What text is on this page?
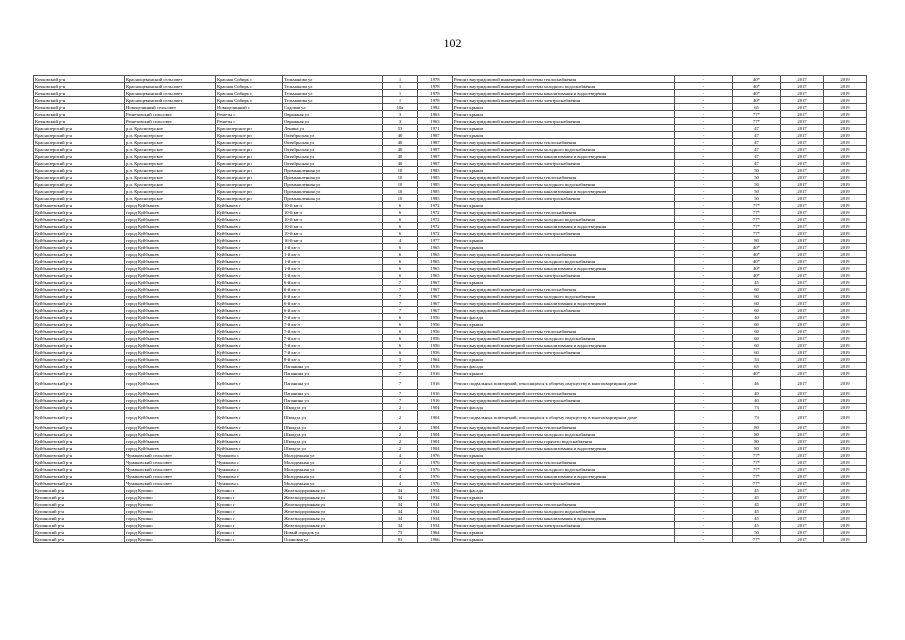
102
Кочковский р-н	Краснощекинский сельсовет	Красная Сибирь с	Тельманова ул	1	1978	Ремонт внутридомовой инженерной системы теплоснабжения	-	40*	2017	2019
Кочковский р-н	Краснощекинский сельсовет	Красная Сибирь с	Тельманова ул	1	1978	Ремонт внутридомовой инженерной системы холодного водоснабжения	-	40*	2017	2019
Кочковский р-н	Краснощекинский сельсовет	Красная Сибирь с	Тельманова ул	1	1978	Ремонт внутридомовой инженерной системы канализования и водоотведения	-	40*	2017	2019
Кочковский р-н	Краснощекинский сельсовет	Красная Сибирь с	Тельманова ул	1	1978	Ремонт внутридомовой инженерной системы электроснабжения	-	40*	2017	2019
Кочковский р-н	Новоцелинный сельсовет	Новоцелинный с	Садовая ул	10а	1982	Ремонт крыши	-	65	2017	2019
Кочковский р-н	Решетовский сельсовет	Решеты с	Овражная ул	3	1963	Ремонт крыши	-	77*	2017	2019
Кочковский р-н	Решетовский сельсовет	Решеты с	Овражная ул	3	1963	Ремонт внутридомовой инженерной системы электроснабжения	-	77*	2017	2019
Краснозерский р-н	р.п. Краснозерское	Краснозерское рп	Ленина ул	53	1971	Ремонт крыши	-	47	2017	2019
Краснозерский р-н	р.п. Краснозерское	Краснозерское рп	Октябрьская ул	40	1987	Ремонт крыши	-	47	2017	2019
Краснозерский р-н	р.п. Краснозерское	Краснозерское рп	Октябрьская ул	40	1987	Ремонт внутридомовой инженерной системы теплоснабжения	-	47	2017	2019
Краснозерский р-н	р.п. Краснозерское	Краснозерское рп	Октябрьская ул	40	1987	Ремонт внутридомовой инженерной системы холодного водоснабжения	-	47	2017	2019
Краснозерский р-н	р.п. Краснозерское	Краснозерское рп	Октябрьская ул	40	1987	Ремонт внутридомовой инженерной системы канализования и водоотведения	-	47	2017	2019
Краснозерский р-н	р.п. Краснозерское	Краснозерское рп	Октябрьская ул	40	1987	Ремонт внутридомовой инженерной системы электроснабжения	-	47	2017	2019
Краснозерский р-н	р.п. Краснозерское	Краснозерское рп	Промышленная ул	10	1985	Ремонт крыши	-	50	2017	2019
Краснозерский р-н	р.п. Краснозерское	Краснозерское рп	Промышленная ул	10	1985	Ремонт внутридомовой инженерной системы теплоснабжения	-	50	2017	2019
Краснозерский р-н	р.п. Краснозерское	Краснозерское рп	Промышленная ул	10	1985	Ремонт внутридомовой инженерной системы холодного водоснабжения	-	50	2017	2019
Краснозерский р-н	р.п. Краснозерское	Краснозерское рп	Промышленная ул	10	1985	Ремонт внутридомовой инженерной системы канализования и водоотведения	-	50	2017	2019
Краснозерский р-н	р.п. Краснозерское	Краснозерское рп	Промышленная ул	10	1985	Ремонт внутридомовой инженерной системы электроснабжения	-	50	2017	2019
Куйбышевский р-н	город Куйбышев	Куйбышев г	10-й кв-л	6	1972	Ремонт крыши	-	77*	2017	2019
Куйбышевский р-н	город Куйбышев	Куйбышев г	10-й кв-л	6	1972	Ремонт внутридомовой инженерной системы теплоснабжения	-	77*	2017	2019
Куйбышевский р-н	город Куйбышев	Куйбышев г	10-й кв-л	6	1972	Ремонт внутридомовой инженерной системы холодного водоснабжения	-	77*	2017	2019
Куйбышевский р-н	город Куйбышев	Куйбышев г	10-й кв-л	6	1972	Ремонт внутридомовой инженерной системы канализования и водоотведения	-	77*	2017	2019
Куйбышевский р-н	город Куйбышев	Куйбышев г	10-й кв-л	6	1972	Ремонт внутридомовой инженерной системы электроснабжения	-	77*	2017	2019
Куйбышевский р-н	город Куйбышев	Куйбышев г	16-й кв-л	4	1977	Ремонт крыши	-	80	2017	2019
Куйбышевский р-н	город Куйбышев	Куйбышев г	1-й кв-л	6	1965	Ремонт крыши	-	40*	2017	2019
Куйбышевский р-н	город Куйбышев	Куйбышев г	1-й кв-л	6	1965	Ремонт внутридомовой инженерной системы теплоснабжения	-	40*	2017	2019
Куйбышевский р-н	город Куйбышев	Куйбышев г	1-й кв-л	6	1965	Ремонт внутридомовой инженерной системы холодного водоснабжения	-	40*	2017	2019
Куйбышевский р-н	город Куйбышев	Куйбышев г	1-й кв-л	6	1965	Ремонт внутридомовой инженерной системы канализования и водоотведения	-	40*	2017	2019
Куйбышевский р-н	город Куйбышев	Куйбышев г	1-й кв-л	6	1965	Ремонт внутридомовой инженерной системы электроснабжения	-	40*	2017	2019
Куйбышевский р-н	город Куйбышев	Куйбышев г	6-й кв-л	7	1967	Ремонт крыши	-	45	2017	2019
Куйбышевский р-н	город Куйбышев	Куйбышев г	6-й кв-л	7	1967	Ремонт внутридомовой инженерной системы теплоснабжения	-	60	2017	2019
Куйбышевский р-н	город Куйбышев	Куйбышев г	6-й кв-л	7	1967	Ремонт внутридомовой инженерной системы холодного водоснабжения	-	60	2017	2019
Куйбышевский р-н	город Куйбышев	Куйбышев г	6-й кв-л	7	1967	Ремонт внутридомовой инженерной системы канализования и водоотведения	-	60	2017	2019
Куйбышевский р-н	город Куйбышев	Куйбышев г	6-й кв-л	7	1967	Ремонт внутридомовой инженерной системы электроснабжения	-	60	2017	2019
Куйбышевский р-н	город Куйбышев	Куйбышев г	7-й кв-л	6	1956	Ремонт фасада	-	40	2017	2019
Куйбышевский р-н	город Куйбышев	Куйбышев г	7-й кв-л	6	1956	Ремонт крыши	-	60	2017	2019
Куйбышевский р-н	город Куйбышев	Куйбышев г	7-й кв-л	6	1956	Ремонт внутридомовой инженерной системы теплоснабжения	-	60	2017	2019
Куйбышевский р-н	город Куйбышев	Куйбышев г	7-й кв-л	6	1956	Ремонт внутридомовой инженерной системы холодного водоснабжения	-	60	2017	2019
Куйбышевский р-н	город Куйбышев	Куйбышев г	7-й кв-л	6	1956	Ремонт внутридомовой инженерной системы канализования и водоотведения	-	60	2017	2019
Куйбышевский р-н	город Куйбышев	Куйбышев г	7-й кв-л	6	1956	Ремонт внутридомовой инженерной системы электроснабжения	-	60	2017	2019
Куйбышевский р-н	город Куйбышев	Куйбышев г	8-й кв-л	3	1964	Ремонт крыши	-	53	2017	2019
Куйбышевский р-н	город Куйбышев	Куйбышев г	Папанина ул	7	1916	Ремонт фасада	-	65	2017	2019
Куйбышевский р-н	город Куйбышев	Куйбышев г	Папанина ул	7	1916	Ремонт крыши	-	40*	2017	2019
Куйбышевский р-н	город Куйбышев	Куйбышев г	Папанина ул	7	1916	Ремонт подвальных помещений, относящихся к общему имуществу в многоквартирном доме	-	46	2017	2019
Куйбышевский р-н	город Куйбышев	Куйбышев г	Папанина ул	7	1916	Ремонт внутридомовой инженерной системы теплоснабжения	-	40	2017	2019
Куйбышевский р-н	город Куйбышев	Куйбышев г	Папанина ул	7	1916	Ремонт внутридомовой инженерной системы электроснабжения	-	40	2017	2019
Куйбышевский р-н	город Куйбышев	Куйбышев г	Шмидта ул	2	1904	Ремонт фасада	-	73	2017	2019
Куйбышевский р-н	город Куйбышев	Куйбышев г	Шмидта ул	2	1904	Ремонт подвальных помещений, относящихся к общему имуществу в многоквартирном доме	-	73	2017	2019
Куйбышевский р-н	город Куйбышев	Куйбышев г	Шмидта ул	2	1904	Ремонт внутридомовой инженерной системы теплоснабжения	-	80	2017	2019
Куйбышевский р-н	город Куйбышев	Куйбышев г	Шмидта ул	2	1904	Ремонт внутридомовой инженерной системы холодного водоснабжения	-	80	2017	2019
Куйбышевский р-н	город Куйбышев	Куйбышев г	Шмидта ул	2	1904	Ремонт внутридомовой инженерной системы горячего водоснабжения	-	80	2017	2019
Куйбышевский р-н	город Куйбышев	Куйбышев г	Шмидта ул	2	1904	Ремонт внутридомовой инженерной системы канализования и водоотведения	-	80	2017	2019
Куйбышевский р-н	Чумаковский сельсовет	Чумаково с	Молодежная ул	4	1976	Ремонт крыши	-	77*	2017	2019
Куйбышевский р-н	Чумаковский сельсовет	Чумаково с	Молодежная ул	4	1976	Ремонт внутридомовой инженерной системы теплоснабжения	-	77*	2017	2019
Куйбышевский р-н	Чумаковский сельсовет	Чумаково с	Молодежная ул	4	1976	Ремонт внутридомовой инженерной системы холодного водоснабжения	-	77*	2017	2019
Куйбышевский р-н	Чумаковский сельсовет	Чумаково с	Молодежная ул	4	1976	Ремонт внутридомовой инженерной системы канализования и водоотведения	-	77*	2017	2019
Куйбышевский р-н	Чумаковский сельсовет	Чумаково с	Молодежная ул	4	1976	Ремонт внутридомовой инженерной системы электроснабжения	-	77*	2017	2019
Купинский р-н	город Купино	Купино г	Железнодорожная ул	34	1934	Ремонт фасада	-	45	2017	2019
Купинский р-н	город Купино	Купино г	Железнодорожная ул	34	1934	Ремонт крыши	-	45	2017	2019
Купинский р-н	город Купино	Купино г	Железнодорожная ул	34	1934	Ремонт внутридомовой инженерной системы теплоснабжения	-	45	2017	2019
Купинский р-н	город Купино	Купино г	Железнодорожная ул	34	1934	Ремонт внутридомовой инженерной системы холодного водоснабжения	-	45	2017	2019
Купинский р-н	город Купино	Купино г	Железнодорожная ул	34	1934	Ремонт внутридомовой инженерной системы канализования и водоотведения	-	45	2017	2019
Купинский р-н	город Купино	Купино г	Железнодорожная ул	34	1934	Ремонт внутридомовой инженерной системы электроснабжения	-	45	2017	2019
Купинский р-н	город Купино	Купино г	Новый городок ул	73	1964	Ремонт крыши	-	50	2017	2019
Купинский р-н	город Купино	Купино г	Осиновая ул	91	1966	Ремонт крыши	-	77*	2017	2019
